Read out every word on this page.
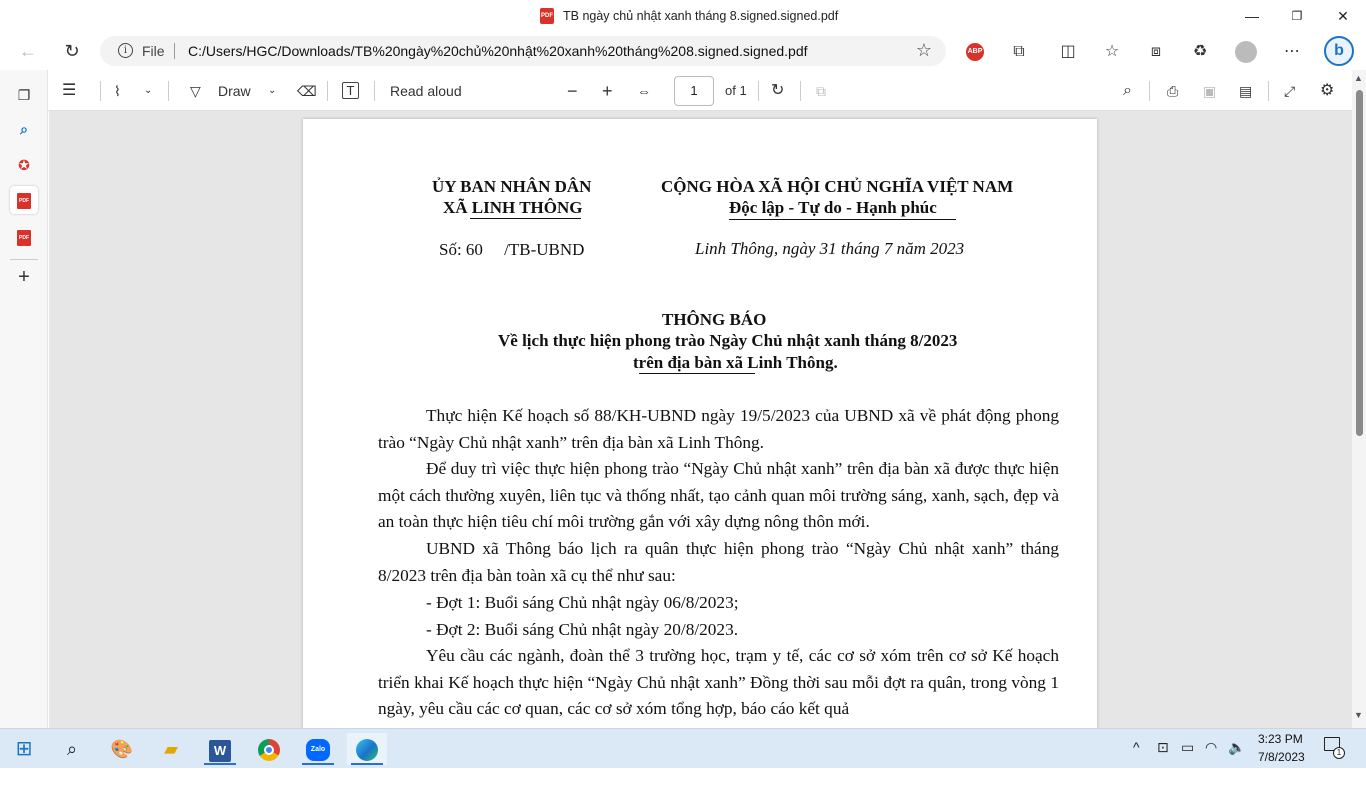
PDF TB ngày chủ nhật xanh tháng 8.signed.signed.pdf	—	❐	✕
←	↻	i	File C:/Users/HGC/Downloads/TB%20ngày%20chủ%20nhật%20xanh%20tháng%208.signed.signed.pdf	☆	ABP	⧉	◫	☆	⧈	♻	⋯	b
❐
⌕
✪
PDF
PDF
+
☰	⌇ ⌄	▽ Draw ⌄ ⌫	T	Read aloud	− + ⇔	1	of 1 ↻ ⧉	⌕	⎙ ▣ ▤ ⤢ ⚙
ỦY BAN NHÂN DÂN
XÃ LINH THÔNG
CỘNG HÒA XÃ HỘI CHỦ NGHĨA VIỆT NAM
Độc lập - Tự do - Hạnh phúc
Số: 60     /TB-UBND	Linh Thông, ngày 31 tháng 7 năm 2023
THÔNG BÁO
Về lịch thực hiện phong trào Ngày Chủ nhật xanh tháng 8/2023
trên địa bàn xã Linh Thông.
Thực hiện Kế hoạch số 88/KH-UBND ngày 19/5/2023 của UBND xã về phát động phong trào “Ngày Chủ nhật xanh” trên địa bàn xã Linh Thông.
Để duy trì việc thực hiện phong trào “Ngày Chủ nhật xanh” trên địa bàn xã được thực hiện một cách thường xuyên, liên tục và thống nhất, tạo cảnh quan môi trường sáng, xanh, sạch, đẹp và an toàn thực hiện tiêu chí môi trường gắn với xây dựng nông thôn mới.
UBND xã Thông báo lịch ra quân thực hiện phong trào “Ngày Chủ nhật xanh” tháng 8/2023 trên địa bàn toàn xã cụ thể như sau:
- Đợt 1: Buổi sáng Chủ nhật ngày 06/8/2023;
- Đợt 2: Buổi sáng Chủ nhật ngày 20/8/2023.
Yêu cầu các ngành, đoàn thể 3 trường học, trạm y tế, các cơ sở xóm trên cơ sở Kế hoạch triển khai Kế hoạch thực hiện “Ngày Chủ nhật xanh” Đồng thời sau mỗi đợt ra quân, trong vòng 1 ngày, yêu cầu các cơ quan, các cơ sở xóm tổng hợp, báo cáo kết quả
▲
▼
⊞	⌕	🎨	▰	W	Zalo	^ ⊡ ▭ ◠ 🔈 3:23 PM
7/8/2023	1
